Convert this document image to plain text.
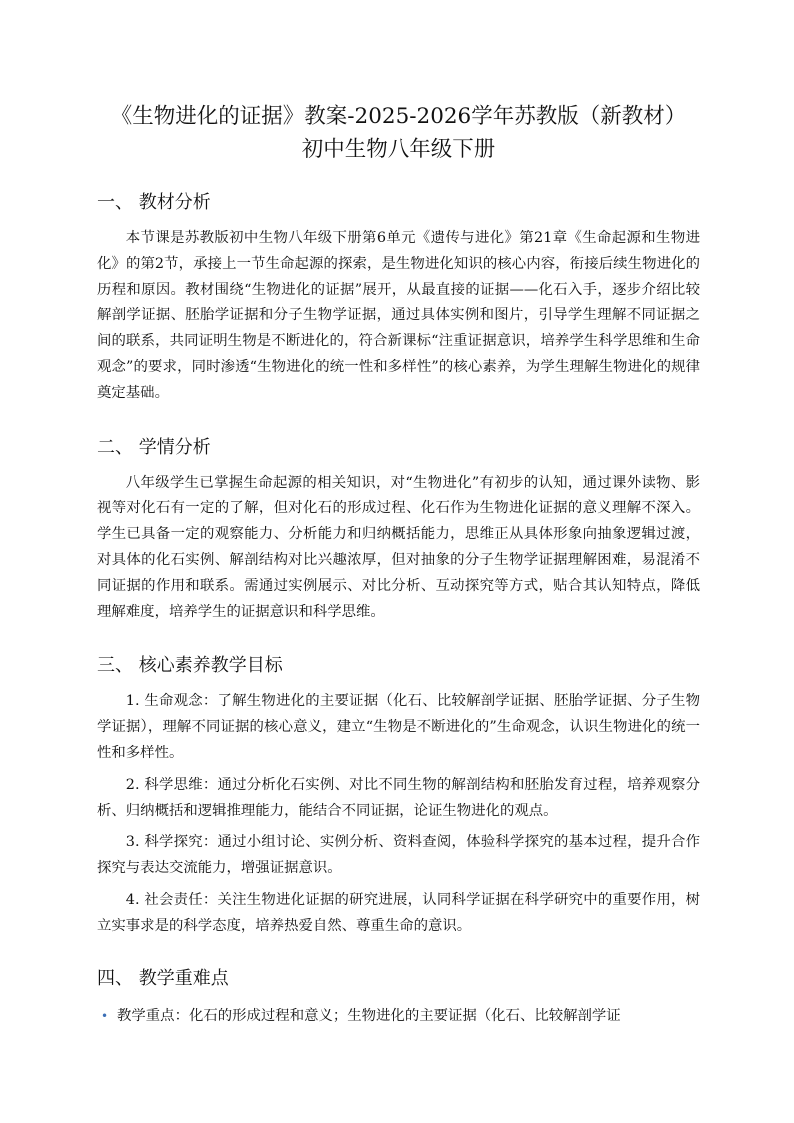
《生物进化的证据》教案-2025-2026学年苏教版（新教材）
初中生物八年级下册
一、 教材分析

本节课是苏教版初中生物八年级下册第6单元《遗传与进化》第21章《生命起源和生物进化》的第2节，承接上一节生命起源的探索，是生物进化知识的核心内容，衔接后续生物进化的历程和原因。教材围绕“生物进化的证据”展开，从最直接的证据——化石入手，逐步介绍比较解剖学证据、胚胎学证据和分子生物学证据，通过具体实例和图片，引导学生理解不同证据之间的联系，共同证明生物是不断进化的，符合新课标“注重证据意识，培养学生科学思维和生命观念”的要求，同时渗透“生物进化的统一性和多样性”的核心素养，为学生理解生物进化的规律奠定基础。

二、 学情分析

八年级学生已掌握生命起源的相关知识，对“生物进化”有初步的认知，通过课外读物、影视等对化石有一定的了解，但对化石的形成过程、化石作为生物进化证据的意义理解不深入。学生已具备一定的观察能力、分析能力和归纳概括能力，思维正从具体形象向抽象逻辑过渡，对具体的化石实例、解剖结构对比兴趣浓厚，但对抽象的分子生物学证据理解困难，易混淆不同证据的作用和联系。需通过实例展示、对比分析、互动探究等方式，贴合其认知特点，降低理解难度，培养学生的证据意识和科学思维。

三、 核心素养教学目标

1. 生命观念：了解生物进化的主要证据（化石、比较解剖学证据、胚胎学证据、分子生物学证据），理解不同证据的核心意义，建立“生物是不断进化的”生命观念，认识生物进化的统一性和多样性。

2. 科学思维：通过分析化石实例、对比不同生物的解剖结构和胚胎发育过程，培养观察分析、归纳概括和逻辑推理能力，能结合不同证据，论证生物进化的观点。

3. 科学探究：通过小组讨论、实例分析、资料查阅，体验科学探究的基本过程，提升合作探究与表达交流能力，增强证据意识。

4. 社会责任：关注生物进化证据的研究进展，认同科学证据在科学研究中的重要作用，树立实事求是的科学态度，培养热爱自然、尊重生命的意识。

四、 教学重难点
• 教学重点：化石的形成过程和意义；生物进化的主要证据（化石、比较解剖学证
